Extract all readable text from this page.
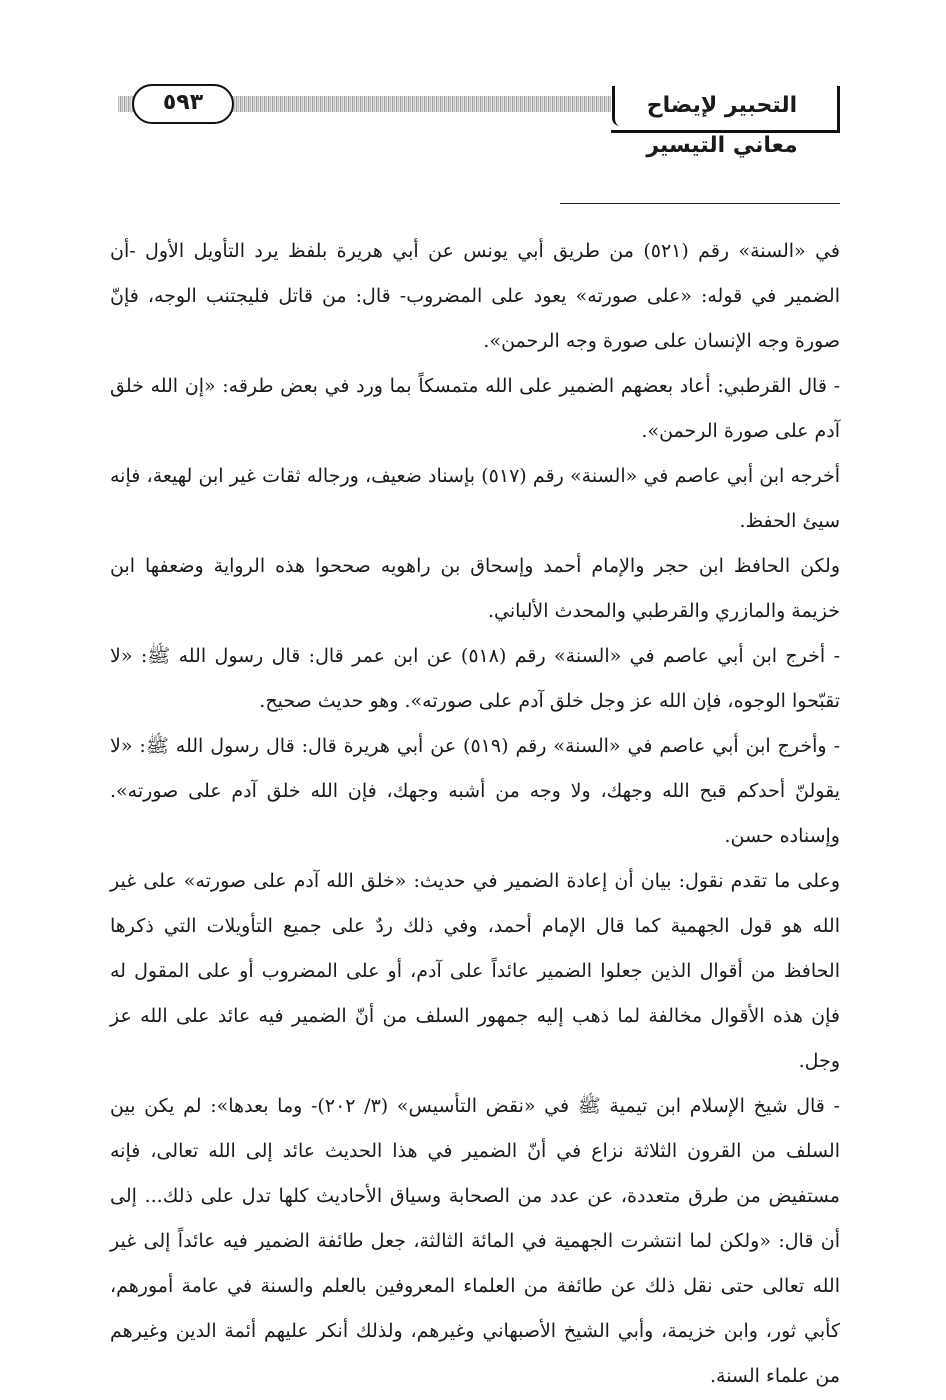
٥٩٣	التحبير لإيضاح معاني التيسير

في «السنة» رقم (٥٢١) من طريق أبي يونس عن أبي هريرة بلفظ يرد التأويل الأول -أن الضمير في قوله: «على صورته» يعود على المضروب- قال: من قاتل فليجتنب الوجه، فإنّ صورة وجه الإنسان على صورة وجه الرحمن».

- قال القرطبي: أعاد بعضهم الضمير على الله متمسكاً بما ورد في بعض طرقه: «إن الله خلق آدم على صورة الرحمن».

أخرجه ابن أبي عاصم في «السنة» رقم (٥١٧) بإسناد ضعيف، ورجاله ثقات غير ابن لهيعة، فإنه سيئ الحفظ.

ولكن الحافظ ابن حجر والإمام أحمد وإسحاق بن راهويه صححوا هذه الرواية وضعفها ابن خزيمة والمازري والقرطبي والمحدث الألباني.

- أخرج ابن أبي عاصم في «السنة» رقم (٥١٨) عن ابن عمر قال: قال رسول الله ﷺ: «لا تقبّحوا الوجوه، فإن الله عز وجل خلق آدم على صورته». وهو حديث صحيح.

- وأخرج ابن أبي عاصم في «السنة» رقم (٥١٩) عن أبي هريرة قال: قال رسول الله ﷺ: «لا يقولنّ أحدكم قبح الله وجهك، ولا وجه من أشبه وجهك، فإن الله خلق آدم على صورته». وإسناده حسن.

وعلى ما تقدم نقول: بيان أن إعادة الضمير في حديث: «خلق الله آدم على صورته» على غير الله هو قول الجهمية كما قال الإمام أحمد، وفي ذلك ردٌ على جميع التأويلات التي ذكرها الحافظ من أقوال الذين جعلوا الضمير عائداً على آدم، أو على المضروب أو على المقول له فإن هذه الأقوال مخالفة لما ذهب إليه جمهور السلف من أنّ الضمير فيه عائد على الله عز وجل.

- قال شيخ الإسلام ابن تيمية ﷺ في «نقض التأسيس» (٣/ ٢٠٢)- وما بعدها»: لم يكن بين السلف من القرون الثلاثة نزاع في أنّ الضمير في هذا الحديث عائد إلى الله تعالى، فإنه مستفيض من طرق متعددة، عن عدد من الصحابة وسياق الأحاديث كلها تدل على ذلك... إلى أن قال: «ولكن لما انتشرت الجهمية في المائة الثالثة، جعل طائفة الضمير فيه عائداً إلى غير الله تعالى حتى نقل ذلك عن طائفة من العلماء المعروفين بالعلم والسنة في عامة أمورهم، كأبي ثور، وابن خزيمة، وأبي الشيخ الأصبهاني وغيرهم، ولذلك أنكر عليهم أئمة الدين وغيرهم من علماء السنة.
